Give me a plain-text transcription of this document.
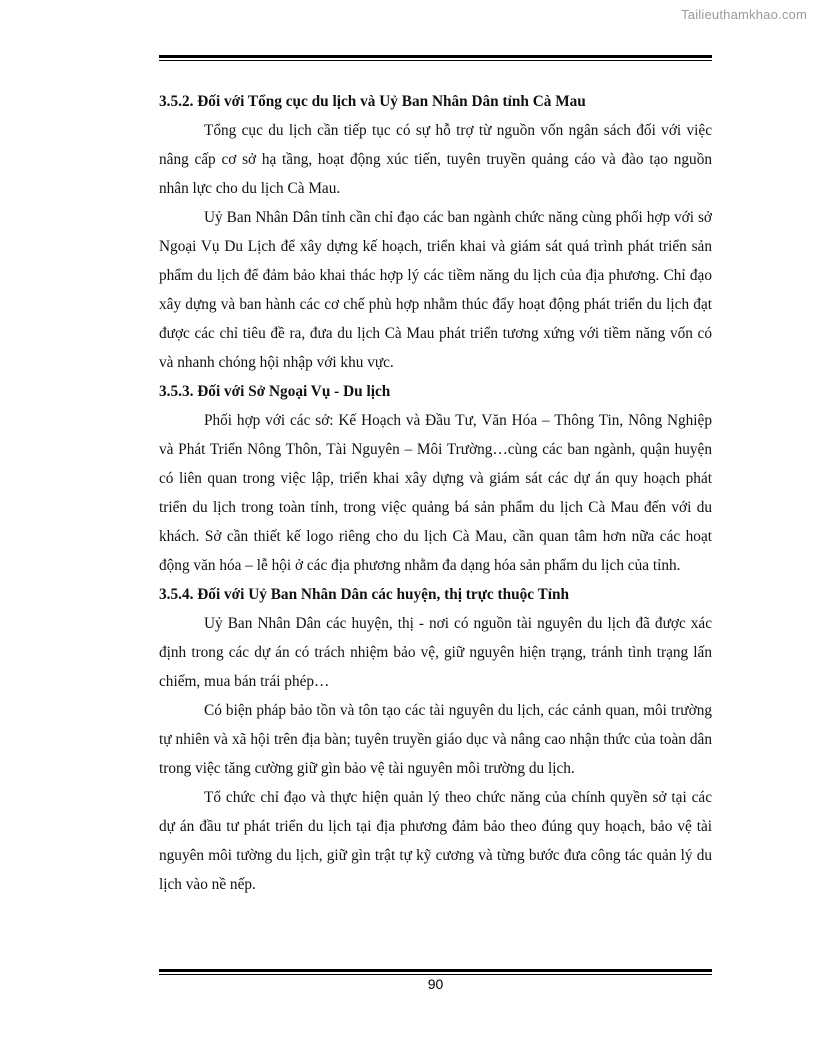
Tailieuthamkhao.com
3.5.2. Đối với Tổng cục du lịch và Uỷ Ban Nhân Dân tỉnh Cà Mau

Tổng cục du lịch cần tiếp tục có sự hỗ trợ từ nguồn vốn ngân sách đối với việc nâng cấp cơ sở hạ tầng, hoạt động xúc tiến, tuyên truyền quảng cáo và đào tạo nguồn nhân lực cho du lịch Cà Mau.

Uỷ Ban Nhân Dân tỉnh cần chỉ đạo các ban ngành chức năng cùng phối hợp với sở Ngoại Vụ Du Lịch để xây dựng kế hoạch, triển khai và giám sát quá trình phát triển sản phẩm du lịch để đảm bảo khai thác hợp lý các tiềm năng du lịch của địa phương. Chỉ đạo xây dựng và ban hành các cơ chế phù hợp nhằm thúc đẩy hoạt động phát triển du lịch đạt được các chỉ tiêu đề ra, đưa du lịch Cà Mau phát triển tương xứng với tiềm năng vốn có và nhanh chóng hội nhập với khu vực.

3.5.3. Đối với Sở Ngoại Vụ - Du lịch

Phối hợp với các sở: Kế Hoạch và Đầu Tư, Văn Hóa – Thông Tin, Nông Nghiệp và Phát Triển Nông Thôn, Tài Nguyên – Môi Trường…cùng các ban ngành, quận huyện có liên quan trong việc lập, triển khai xây dựng và giám sát các dự án quy hoạch phát triển du lịch trong toàn tỉnh, trong việc quảng bá sản phẩm du lịch Cà Mau đến với du khách. Sở cần thiết kế logo riêng cho du lịch Cà Mau, cần quan tâm hơn nữa các hoạt động văn hóa – lễ hội ở các địa phương nhằm đa dạng hóa sản phẩm du lịch của tỉnh.

3.5.4. Đối với Uỷ Ban Nhân Dân các huyện, thị trực thuộc Tỉnh

Uỷ Ban Nhân Dân các huyện, thị - nơi có nguồn tài nguyên du lịch đã được xác định trong các dự án có trách nhiệm bảo vệ, giữ nguyên hiện trạng, tránh tình trạng lấn chiếm, mua bán trái phép…

Có biện pháp bảo tồn và tôn tạo các tài nguyên du lịch, các cảnh quan, môi trường tự nhiên và xã hội trên địa bàn; tuyên truyền giáo dục và nâng cao nhận thức của toàn dân trong việc tăng cường giữ gìn bảo vệ tài nguyên môi trường du lịch.

Tổ chức chỉ đạo và thực hiện quản lý theo chức năng của chính quyền sở tại các dự án đầu tư phát triển du lịch tại địa phương đảm bảo theo đúng quy hoạch, bảo vệ tài nguyên môi tường du lịch, giữ gìn trật tự kỹ cương và từng bước đưa công tác quản lý du lịch vào nề nếp.

90
